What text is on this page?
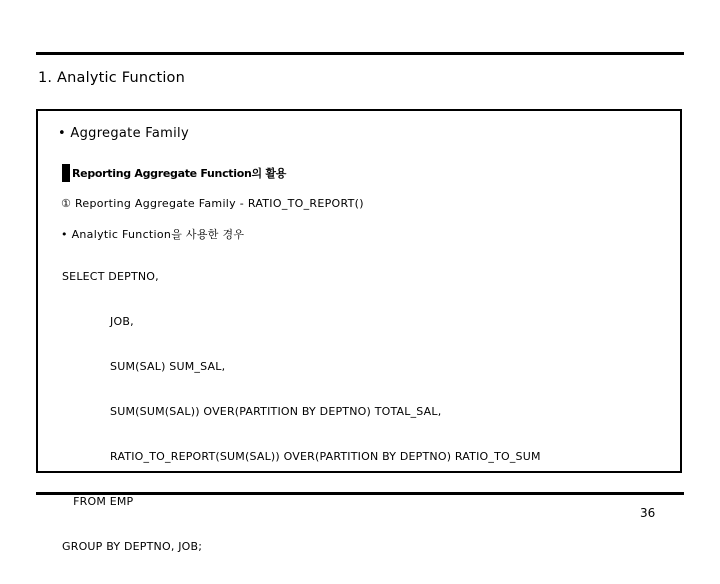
1. Analytic Function
• Aggregate Family
Reporting Aggregate Function의 활용
① Reporting Aggregate Family - RATIO_TO_REPORT()
• Analytic Function을 사용한 경우

SELECT DEPTNO,

JOB,

SUM(SAL) SUM_SAL,

SUM(SUM(SAL)) OVER(PARTITION BY DEPTNO) TOTAL_SAL,

RATIO_TO_REPORT(SUM(SAL)) OVER(PARTITION BY DEPTNO) RATIO_TO_SUM

FROM EMP

GROUP BY DEPTNO, JOB;

36
